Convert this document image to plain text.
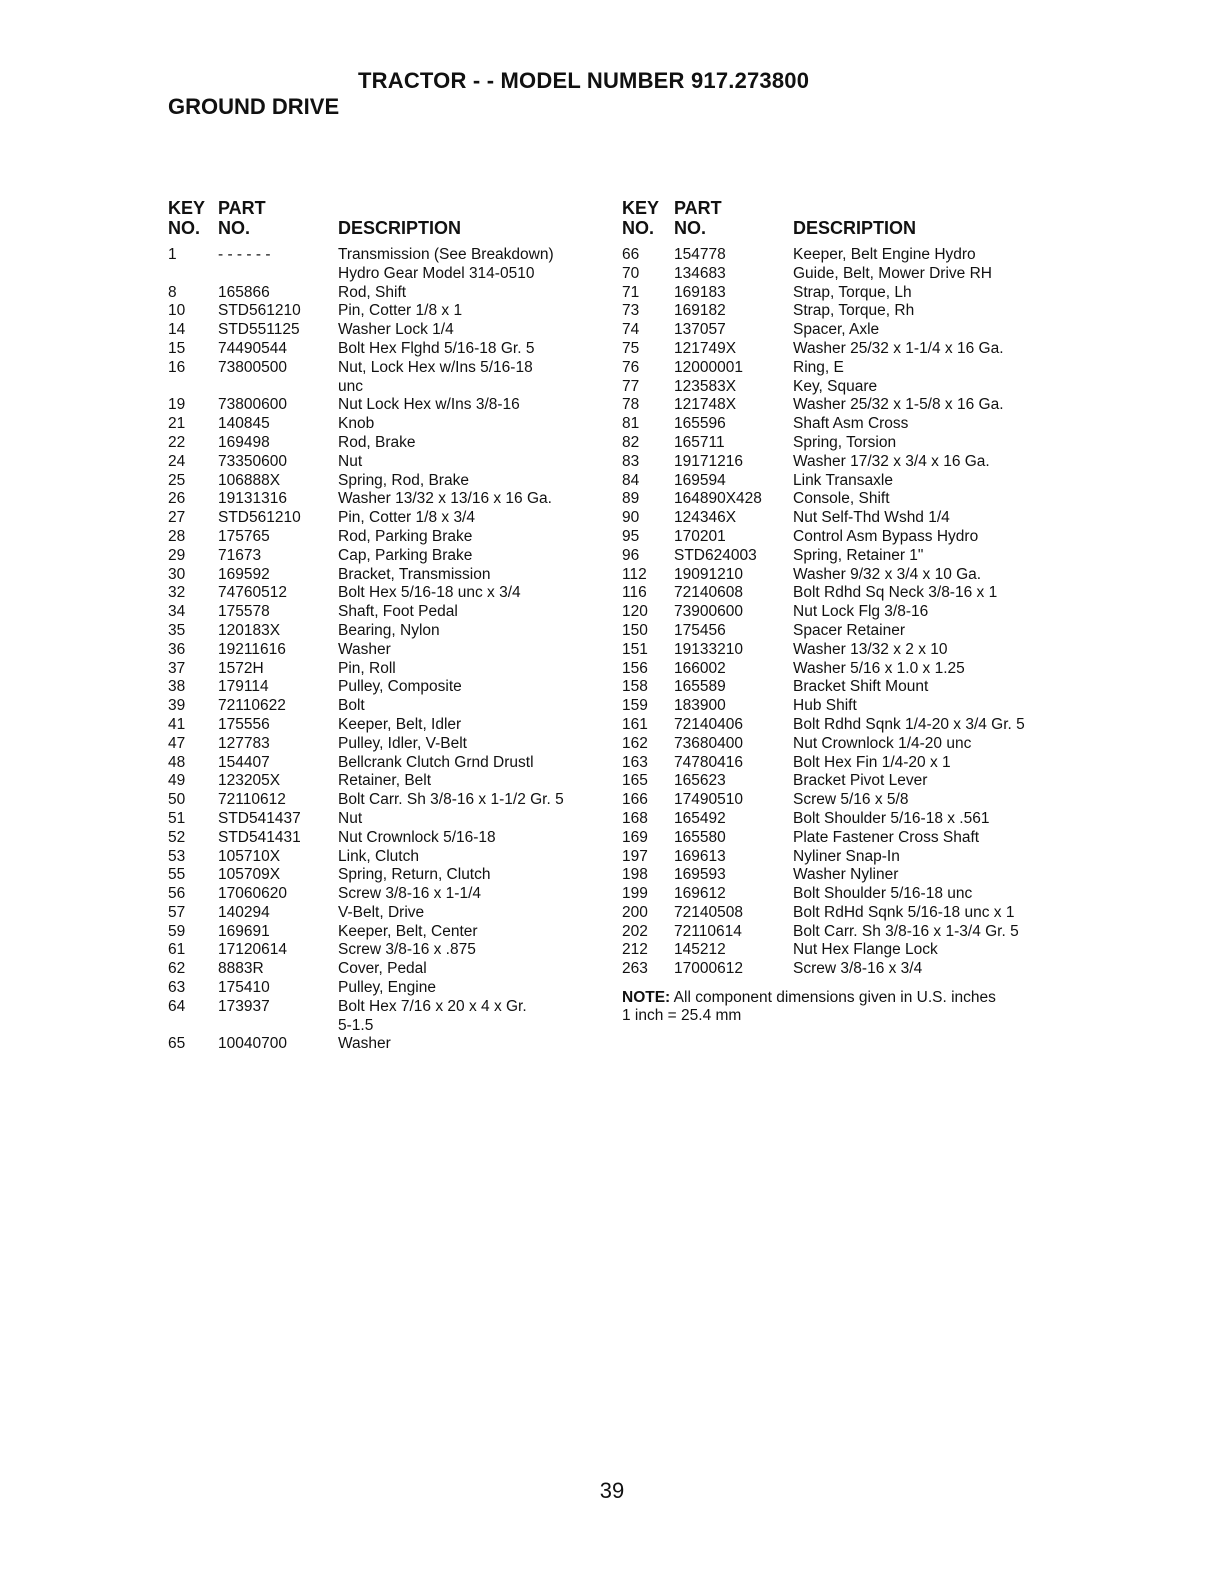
TRACTOR - - MODEL NUMBER 917.273800
GROUND DRIVE
KEY
NO.
PART
NO.	DESCRIPTION
1	- - - - - -	Transmission (See Breakdown)
Hydro Gear Model 314-0510
8	165866	Rod, Shift
10 STD561210 Pin, Cotter 1/8 x 1
14 STD551125 Washer Lock 1/4
15 74490544	Bolt Hex Flghd 5/16-18 Gr. 5
16 73800500	Nut, Lock Hex w/Ins 5/16-18
unc
19 73800600	Nut Lock Hex w/Ins 3/8-16
21 140845	Knob
22 169498	Rod, Brake
24 73350600	Nut
25 106888X	Spring, Rod, Brake
26 19131316	Washer 13/32 x 13/16 x 16 Ga.
27 STD561210 Pin, Cotter 1/8 x 3/4
28 175765	Rod, Parking Brake
29 71673	Cap, Parking Brake
30 169592	Bracket, Transmission
32 74760512	Bolt Hex 5/16-18 unc x 3/4
34 175578	Shaft, Foot Pedal
35 120183X	Bearing, Nylon
36 19211616	Washer
37 1572H	Pin, Roll
38 179114	Pulley, Composite
39 72110622	Bolt
41 175556	Keeper, Belt, Idler
47 127783	Pulley, Idler, V-Belt
48 154407	Bellcrank Clutch Grnd Drustl
49 123205X	Retainer, Belt
50 72110612	Bolt Carr. Sh 3/8-16 x 1-1/2 Gr. 5
51 STD541437 Nut
52 STD541431 Nut Crownlock 5/16-18
53 105710X	Link, Clutch
55 105709X	Spring, Return, Clutch
56 17060620	Screw 3/8-16 x 1-1/4
57 140294	V-Belt, Drive
59 169691	Keeper, Belt, Center
61 17120614	Screw 3/8-16 x .875
62 8883R	Cover, Pedal
63 175410	Pulley, Engine
64 173937	Bolt Hex 7/16 x 20 x 4 x Gr.
5-1.5
65 10040700	Washer
KEY
NO.
PART
NO.	DESCRIPTION
66 154778	Keeper, Belt Engine Hydro
70 134683	Guide, Belt, Mower Drive RH
71 169183	Strap, Torque, Lh
73 169182	Strap, Torque, Rh
74 137057	Spacer, Axle
75 121749X	Washer 25/32 x 1-1/4 x 16 Ga.
76 12000001	Ring, E
77 123583X	Key, Square
78 121748X	Washer 25/32 x 1-5/8 x 16 Ga.
81 165596	Shaft Asm Cross
82 165711	Spring, Torsion
83 19171216	Washer 17/32 x 3/4 x 16 Ga.
84 169594	Link Transaxle
89 164890X428 Console, Shift
90 124346X	Nut Self-Thd Wshd 1/4
95 170201	Control Asm Bypass Hydro
96 STD624003 Spring, Retainer 1"
112 19091210	Washer 9/32 x 3/4 x 10 Ga.
116 72140608	Bolt Rdhd Sq Neck 3/8-16 x 1
120 73900600	Nut Lock Flg 3/8-16
150 175456	Spacer Retainer
151 19133210	Washer 13/32 x 2 x 10
156 166002	Washer 5/16 x 1.0 x 1.25
158 165589	Bracket Shift Mount
159 183900	Hub Shift
161 72140406	Bolt Rdhd Sqnk 1/4-20 x 3/4 Gr. 5
162 73680400	Nut Crownlock 1/4-20 unc
163 74780416	Bolt Hex Fin 1/4-20 x 1
165 165623	Bracket Pivot Lever
166 17490510	Screw 5/16 x 5/8
168 165492	Bolt Shoulder 5/16-18 x .561
169 165580	Plate Fastener Cross Shaft
197 169613	Nyliner Snap-In
198 169593	Washer Nyliner
199 169612	Bolt Shoulder 5/16-18 unc
200 72140508	Bolt RdHd Sqnk 5/16-18 unc x 1
202 72110614	Bolt Carr. Sh 3/8-16 x 1-3/4 Gr. 5
212 145212	Nut Hex Flange Lock
263 17000612	Screw 3/8-16 x 3/4
NOTE: All component dimensions given in U.S. inches
1 inch = 25.4 mm
39
